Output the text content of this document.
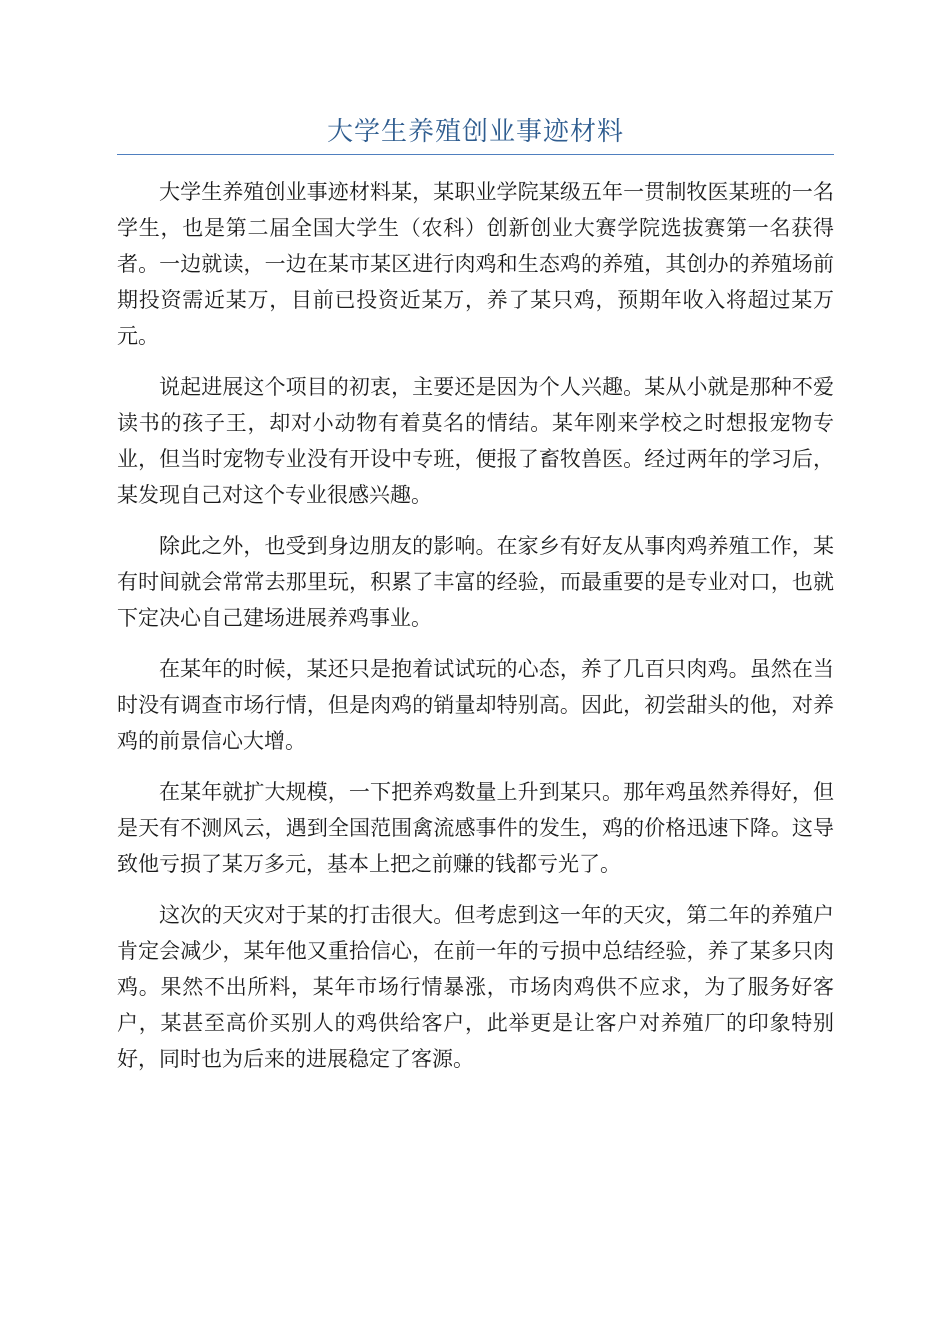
大学生养殖创业事迹材料

大学生养殖创业事迹材料某，某职业学院某级五年一贯制牧医某班的一名学生，也是第二届全国大学生（农科）创新创业大赛学院选拔赛第一名获得者。一边就读，一边在某市某区进行肉鸡和生态鸡的养殖，其创办的养殖场前期投资需近某万，目前已投资近某万，养了某只鸡，预期年收入将超过某万元。

说起进展这个项目的初衷，主要还是因为个人兴趣。某从小就是那种不爱读书的孩子王，却对小动物有着莫名的情结。某年刚来学校之时想报宠物专业，但当时宠物专业没有开设中专班，便报了畜牧兽医。经过两年的学习后，某发现自己对这个专业很感兴趣。

除此之外，也受到身边朋友的影响。在家乡有好友从事肉鸡养殖工作，某有时间就会常常去那里玩，积累了丰富的经验，而最重要的是专业对口，也就下定决心自己建场进展养鸡事业。

在某年的时候，某还只是抱着试试玩的心态，养了几百只肉鸡。虽然在当时没有调查市场行情，但是肉鸡的销量却特别高。因此，初尝甜头的他，对养鸡的前景信心大增。

在某年就扩大规模，一下把养鸡数量上升到某只。那年鸡虽然养得好，但是天有不测风云，遇到全国范围禽流感事件的发生，鸡的价格迅速下降。这导致他亏损了某万多元，基本上把之前赚的钱都亏光了。

这次的天灾对于某的打击很大。但考虑到这一年的天灾，第二年的养殖户肯定会减少，某年他又重拾信心，在前一年的亏损中总结经验，养了某多只肉鸡。果然不出所料，某年市场行情暴涨，市场肉鸡供不应求，为了服务好客户，某甚至高价买别人的鸡供给客户，此举更是让客户对养殖厂的印象特别好，同时也为后来的进展稳定了客源。
